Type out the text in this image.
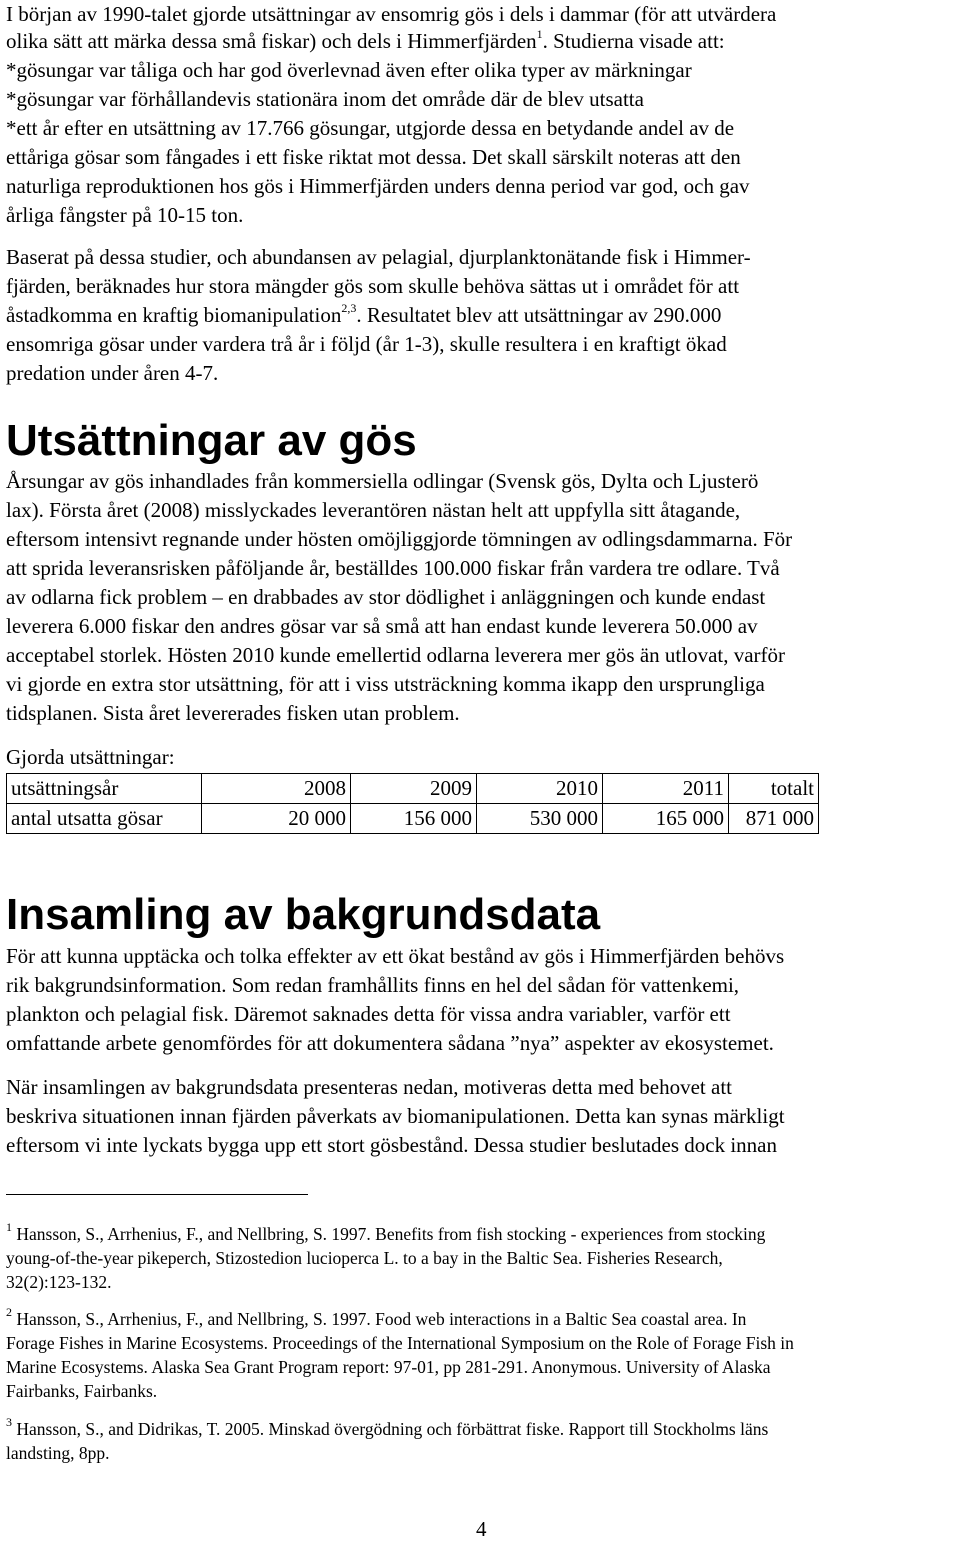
I början av 1990-talet gjorde utsättningar av ensomrig gös i dels i dammar (för att utvärdera
olika sätt att märka dessa små fiskar) och dels i Himmerfjärden$^1$. Studierna visade att:
*gösungar var tåliga och har god överlevnad även efter olika typer av märkningar
*gösungar var förhållandevis stationära inom det område där de blev utsatta
*ett år efter en utsättning av 17.766 gösungar, utgjorde dessa en betydande andel av de
ettåriga gösar som fångades i ett fiske riktat mot dessa. Det skall särskilt noteras att den
naturliga reproduktionen hos gös i Himmerfjärden unders denna period var god, och gav
årliga fångster på 10-15 ton.
Baserat på dessa studier, och abundansen av pelagial, djurplanktonätande fisk i Himmer-
fjärden, beräknades hur stora mängder gös som skulle behöva sättas ut i området för att
åstadkomma en kraftig biomanipulation$^{2,3}$. Resultatet blev att utsättningar av 290.000
ensomriga gösar under vardera trå år i följd (år 1-3), skulle resultera i en kraftigt ökad
predation under åren 4-7.
Utsättningar av gös
Årsungar av gös inhandlades från kommersiella odlingar (Svensk gös, Dylta och Ljusterö
lax). Första året (2008) misslyckades leverantören nästan helt att uppfylla sitt åtagande,
eftersom intensivt regnande under hösten omöjliggjorde tömningen av odlingsdammarna. För
att sprida leveransrisken påföljande år, beställdes 100.000 fiskar från vardera tre odlare. Två
av odlarna fick problem – en drabbades av stor dödlighet i anläggningen och kunde endast
leverera 6.000 fiskar den andres gösar var så små att han endast kunde leverera 50.000 av
acceptabel storlek. Hösten 2010 kunde emellertid odlarna leverera mer gös än utlovat, varför
vi gjorde en extra stor utsättning, för att i viss utsträckning komma ikapp den ursprungliga
tidsplanen. Sista året levererades fisken utan problem.
Gjorda utsättningar:
utsättningsår	2008	2009	2010	2011	totalt
antal utsatta gösar	20 000	156 000	530 000	165 000	871 000
Insamling av bakgrundsdata
För att kunna upptäcka och tolka effekter av ett ökat bestånd av gös i Himmerfjärden behövs
rik bakgrundsinformation. Som redan framhållits finns en hel del sådan för vattenkemi,
plankton och pelagial fisk. Däremot saknades detta för vissa andra variabler, varför ett
omfattande arbete genomfördes för att dokumentera sådana ”nya” aspekter av ekosystemet.
När insamlingen av bakgrundsdata presenteras nedan, motiveras detta med behovet att
beskriva situationen innan fjärden påverkats av biomanipulationen. Detta kan synas märkligt
eftersom vi inte lyckats bygga upp ett stort gösbestånd. Dessa studier beslutades dock innan
$^1$ Hansson, S., Arrhenius, F., and Nellbring, S. 1997. Benefits from fish stocking - experiences from stocking
young-of-the-year pikeperch, Stizostedion lucioperca L. to a bay in the Baltic Sea. Fisheries Research,
32(2):123-132.
$^2$ Hansson, S., Arrhenius, F., and Nellbring, S. 1997. Food web interactions in a Baltic Sea coastal area. In
Forage Fishes in Marine Ecosystems. Proceedings of the International Symposium on the Role of Forage Fish in
Marine Ecosystems. Alaska Sea Grant Program report: 97-01, pp 281-291. Anonymous. University of Alaska
Fairbanks, Fairbanks.
$^3$ Hansson, S., and Didrikas, T. 2005. Minskad övergödning och förbättrat fiske. Rapport till Stockholms läns
landsting, 8pp.
4
